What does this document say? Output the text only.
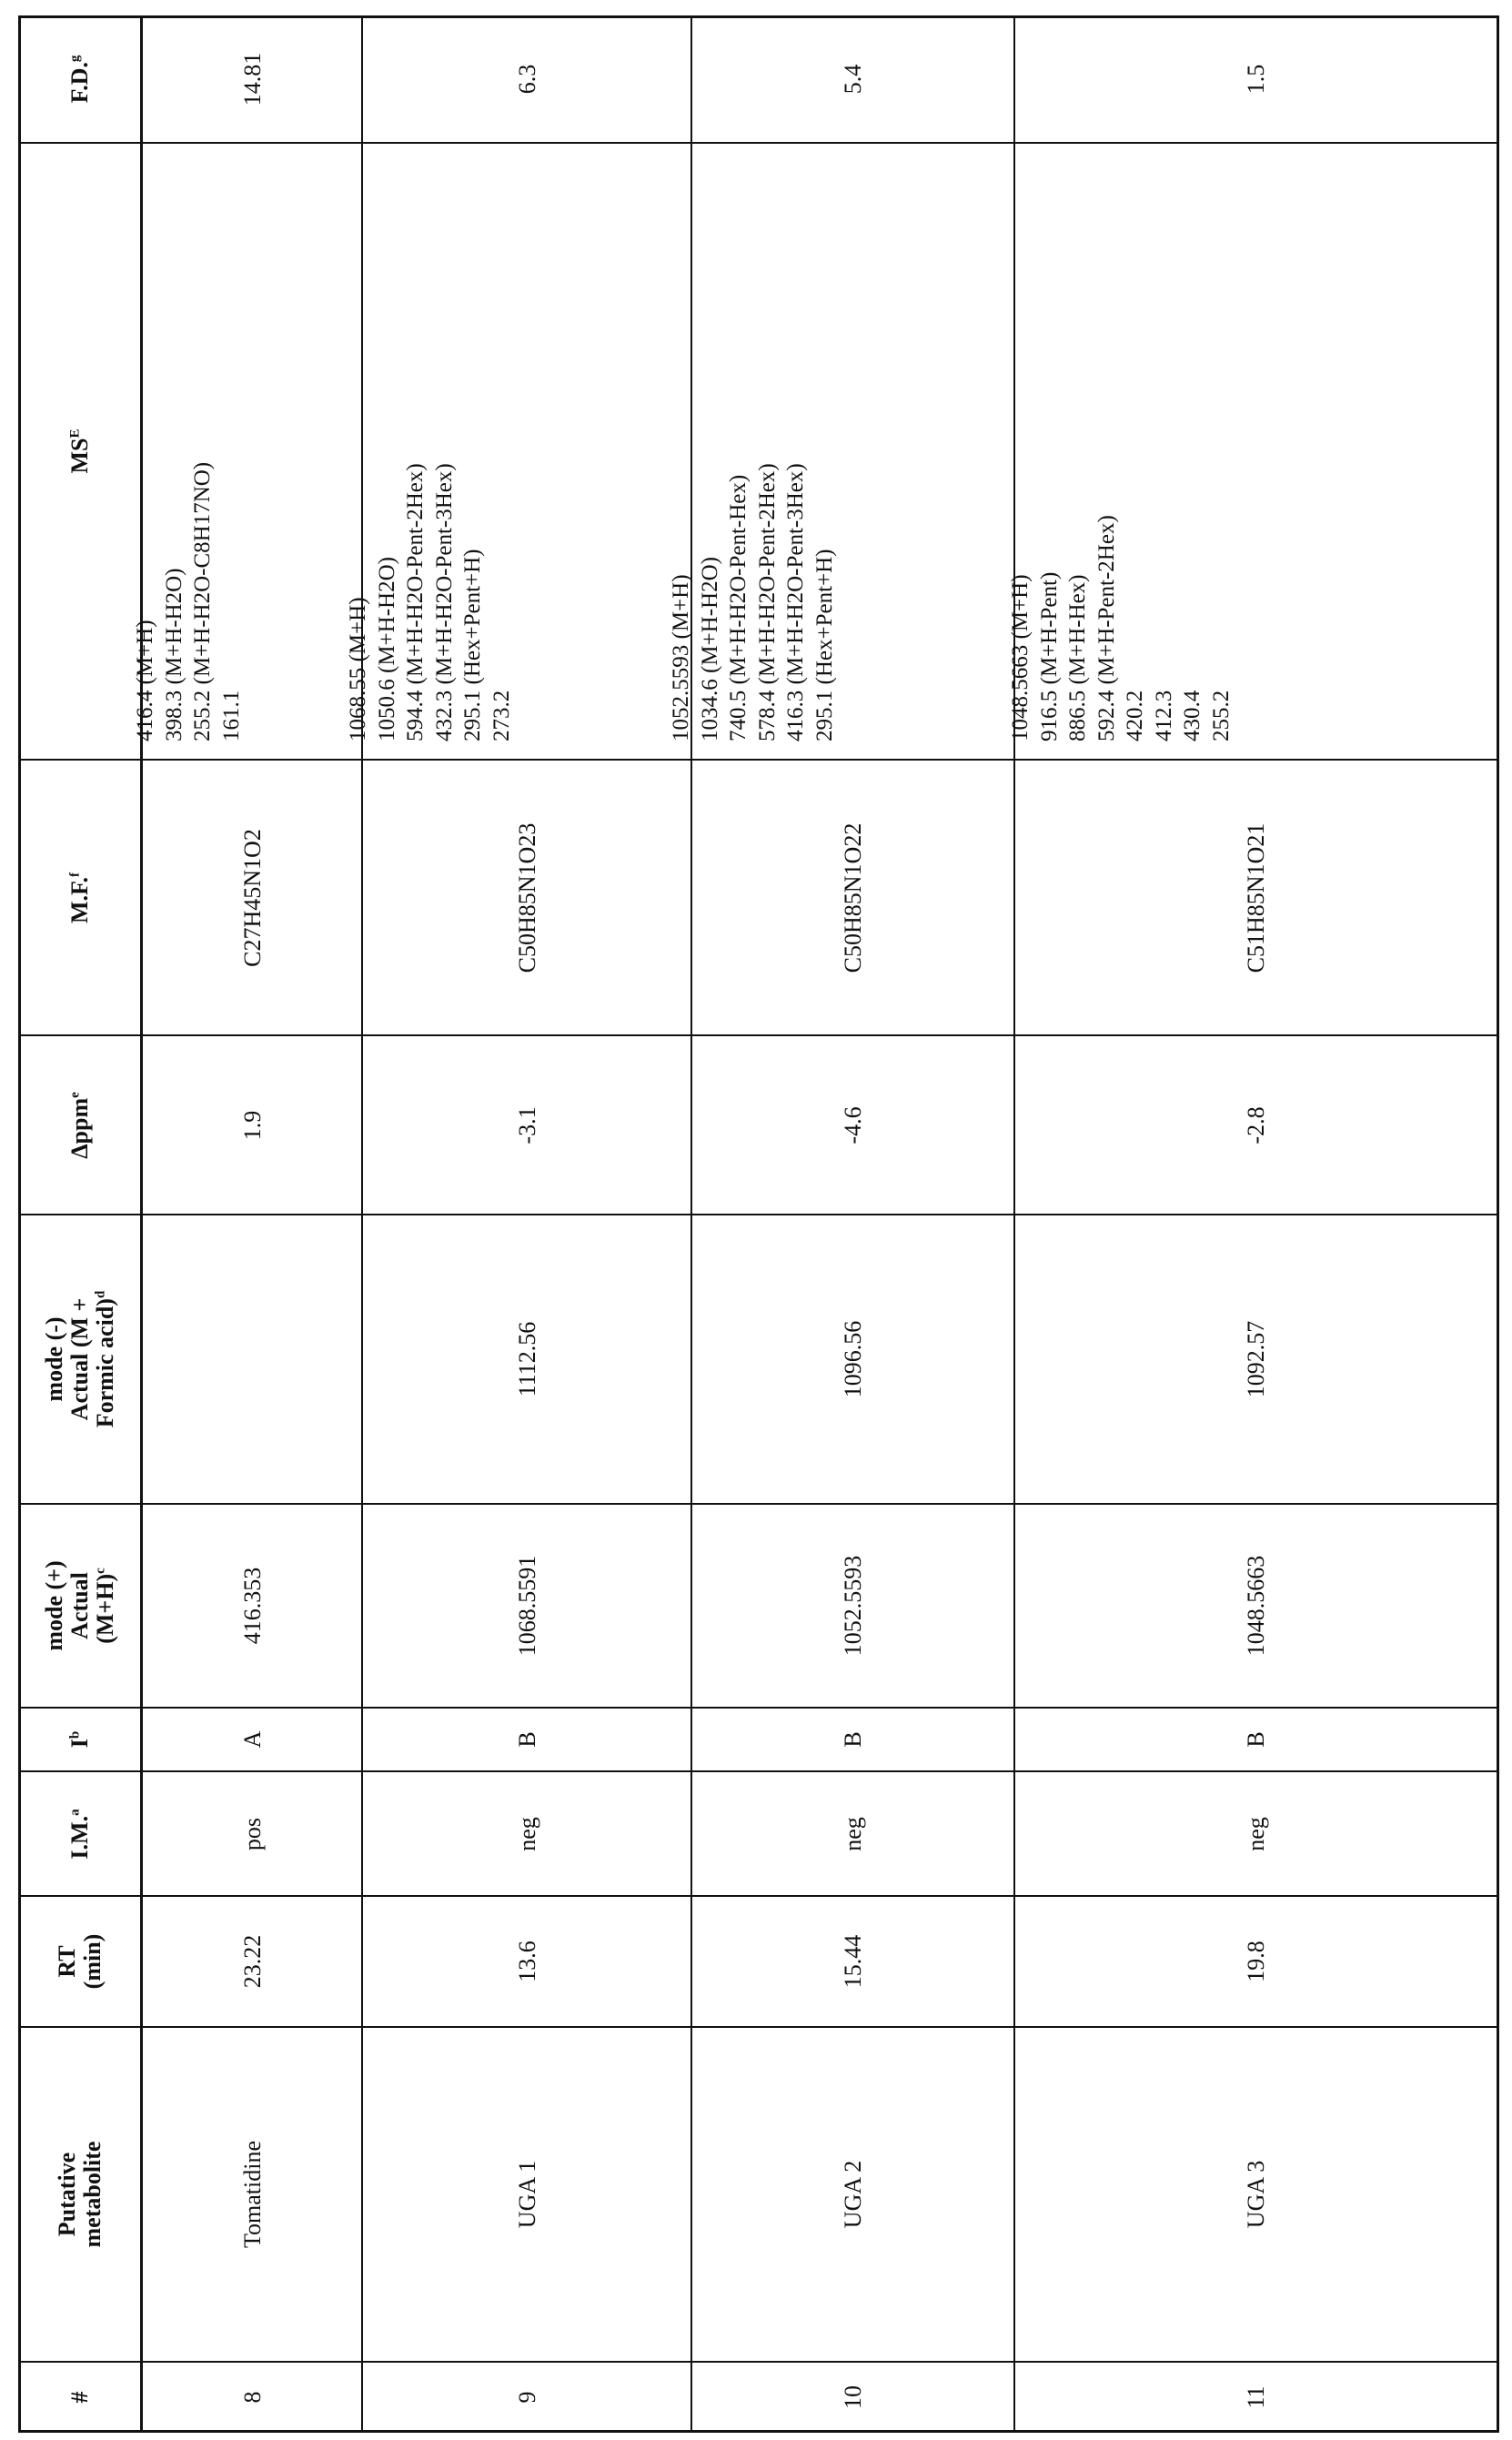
F.D.$^g$
$MS^E$
M.F.$^f$
Δppm$^e$
mode (-) Actual (M + Formic acid)$^d$
mode (+) Actual $(M+H)^c$
$I^b$
I.M.$^a$
RT (min)
Putative metabolite
#
14.81
416.4 (M+H) 398.3 (M+H-H2O) 255.2 (M+H-H2O-C8H17NO) 161.1
C27H45N1O2
1.9
416.353
A
pos
23.22
Tomatidine
8
6.3
1068.55 (M+H) 1050.6 (M+H-H2O) 594.4 (M+H-H2O-Pent-2Hex) 432.3 (M+H-H2O-Pent-3Hex) 295.1 (Hex+Pent+H) 273.2
C50H85N1O23
-3.1
1112.56
1068.5591
B
neg
13.6
UGA 1
9
5.4
1052.5593 (M+H) 1034.6 (M+H-H2O) 740.5 (M+H-H2O-Pent-Hex) 578.4 (M+H-H2O-Pent-2Hex) 416.3 (M+H-H2O-Pent-3Hex) 295.1 (Hex+Pent+H)
C50H85N1O22
-4.6
1096.56
1052.5593
B
neg
15.44
UGA 2
10
1.5
1048.5663 (M+H) 916.5 (M+H-Pent) 886.5 (M+H-Hex) 592.4 (M+H-Pent-2Hex) 420.2 412.3 430.4 255.2
C51H85N1O21
-2.8
1092.57
1048.5663
B
neg
19.8
UGA 3
11
